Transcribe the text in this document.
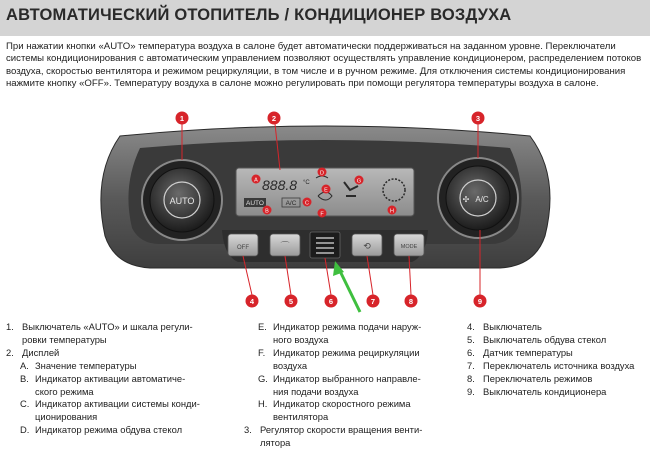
АВТОМАТИЧЕСКИЙ ОТОПИТЕЛЬ / КОНДИЦИОНЕР ВОЗДУХА

При нажатии кнопки «AUTO» температура воздуха в салоне будет автоматически поддерживаться на заданном уровне. Переключатели системы кондиционирования с автоматическим управлением позволяют осуществлять управление кондиционером, распределением потоков воздуха, скоростью вентилятора и режимом рециркуляции, в том числе и в ручном режиме. Для отключения системы кондиционирования нажмите кнопку «OFF». Температуру воздуха в салоне можно регулировать при помощи регулятора температуры воздуха в салоне.

AUTO	A/C
✣
888.8 °C
AUTO	A/C
OFF	⌒	⟲	MODE
1	2	3
A
B
C
D
E
F
G
H
4	5	6	7	8	9
1. Выключатель «AUTO» и шкала регули-
ровки температуры
2. Дисплей
A. Значение температуры
B. Индикатор активации автоматиче-
ского режима
C. Индикатор активации системы конди-
ционирования
D. Индикатор режима обдува стекол
E. Индикатор режима подачи наруж-
ного воздуха
F. Индикатор режима рециркуляции
воздуха
G. Индикатор выбранного направле-
ния подачи воздуха
H. Индикатор скоростного режима
вентилятора
3. Регулятор скорости вращения венти-
лятора
4. Выключатель
5. Выключатель обдува стекол
6. Датчик температуры
7. Переключатель источника воздуха
8. Переключатель режимов
9. Выключатель кондиционера
